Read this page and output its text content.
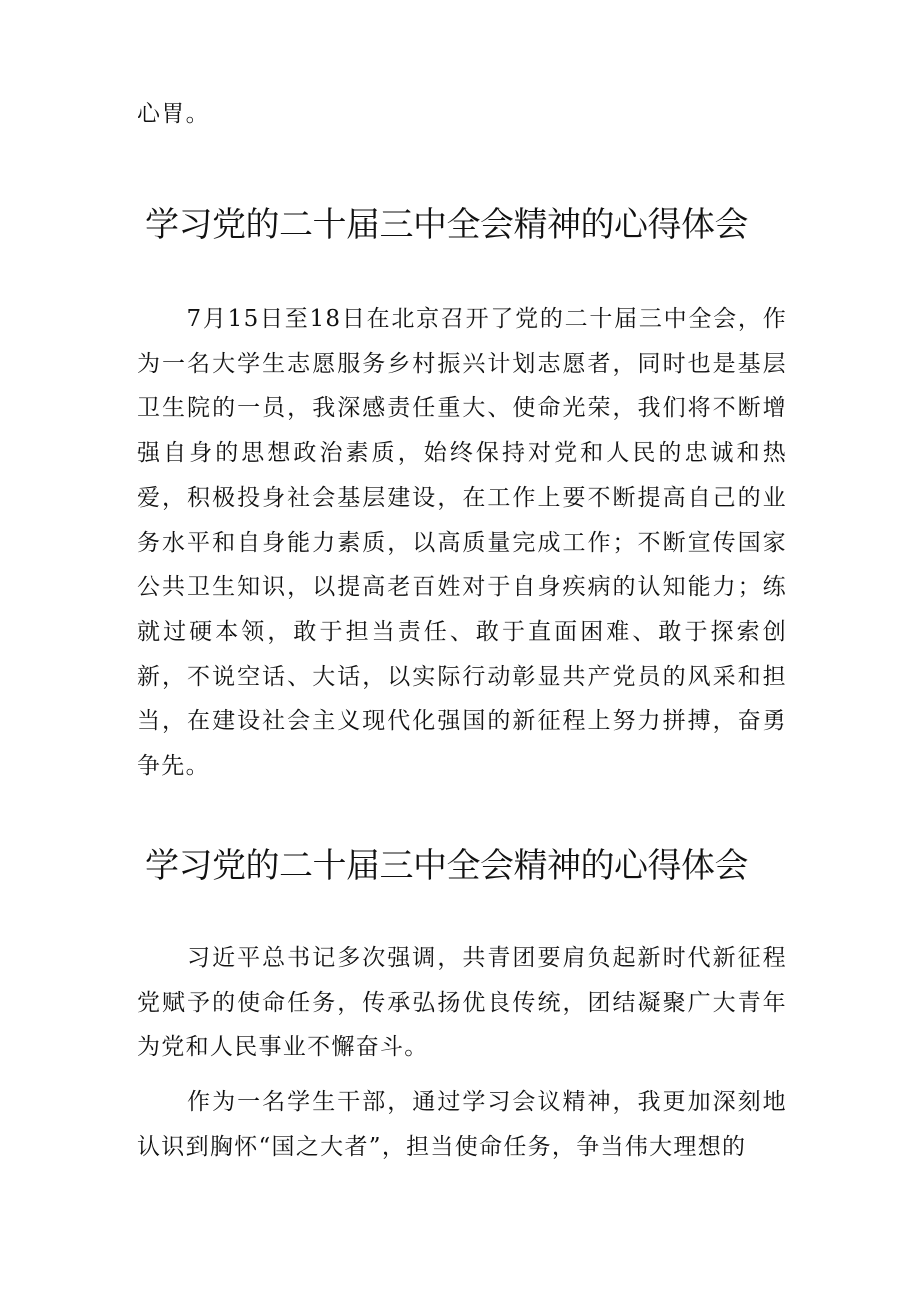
心胃。

学习党的二十届三中全会精神的心得体会

　　7月15日至18日在北京召开了党的二十届三中全会，作为一名大学生志愿服务乡村振兴计划志愿者，同时也是基层卫生院的一员，我深感责任重大、使命光荣，我们将不断增强自身的思想政治素质，始终保持对党和人民的忠诚和热爱，积极投身社会基层建设，在工作上要不断提高自己的业务水平和自身能力素质，以高质量完成工作；不断宣传国家公共卫生知识，以提高老百姓对于自身疾病的认知能力；练就过硬本领，敢于担当责任、敢于直面困难、敢于探索创新，不说空话、大话，以实际行动彰显共产党员的风采和担当，在建设社会主义现代化强国的新征程上努力拼搏，奋勇争先。

学习党的二十届三中全会精神的心得体会

　　习近平总书记多次强调，共青团要肩负起新时代新征程党赋予的使命任务，传承弘扬优良传统，团结凝聚广大青年为党和人民事业不懈奋斗。

　　作为一名学生干部，通过学习会议精神，我更加深刻地认识到胸怀“国之大者”，担当使命任务，争当伟大理想的
